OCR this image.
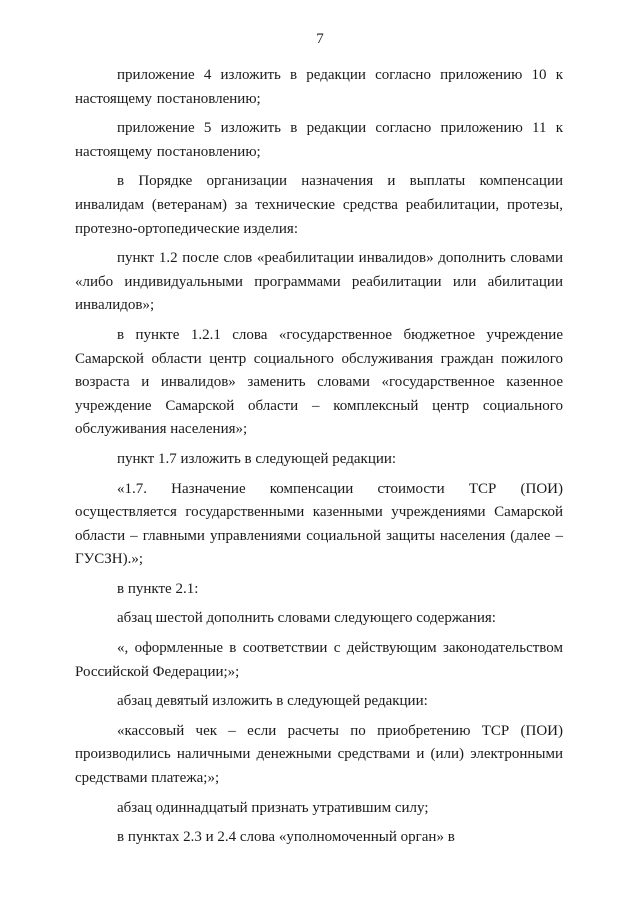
7

приложение 4 изложить в редакции согласно приложению 10 к настоящему постановлению;

приложение 5 изложить в редакции согласно приложению 11 к настоящему постановлению;

в Порядке организации назначения и выплаты компенсации инвалидам (ветеранам) за технические средства реабилитации, протезы, протезно-ортопедические изделия:

пункт 1.2 после слов «реабилитации инвалидов» дополнить словами «либо индивидуальными программами реабилитации или абилитации инвалидов»;

в пункте 1.2.1 слова «государственное бюджетное учреждение Самарской области центр социального обслуживания граждан пожилого возраста и инвалидов» заменить словами «государственное казенное учреждение Самарской области – комплексный центр социального обслуживания населения»;

пункт 1.7 изложить в следующей редакции:

«1.7. Назначение компенсации стоимости ТСР (ПОИ) осуществляется государственными казенными учреждениями Самарской области – главными управлениями социальной защиты населения (далее – ГУСЗН).»;

в пункте 2.1:

абзац шестой дополнить словами следующего содержания:

«, оформленные в соответствии с действующим законодательством Российской Федерации;»;

абзац девятый изложить в следующей редакции:

«кассовый чек – если расчеты по приобретению ТСР (ПОИ) производились наличными денежными средствами и (или) электронными средствами платежа;»;

абзац одиннадцатый признать утратившим силу;

в пунктах 2.3 и 2.4 слова «уполномоченный орган» в
